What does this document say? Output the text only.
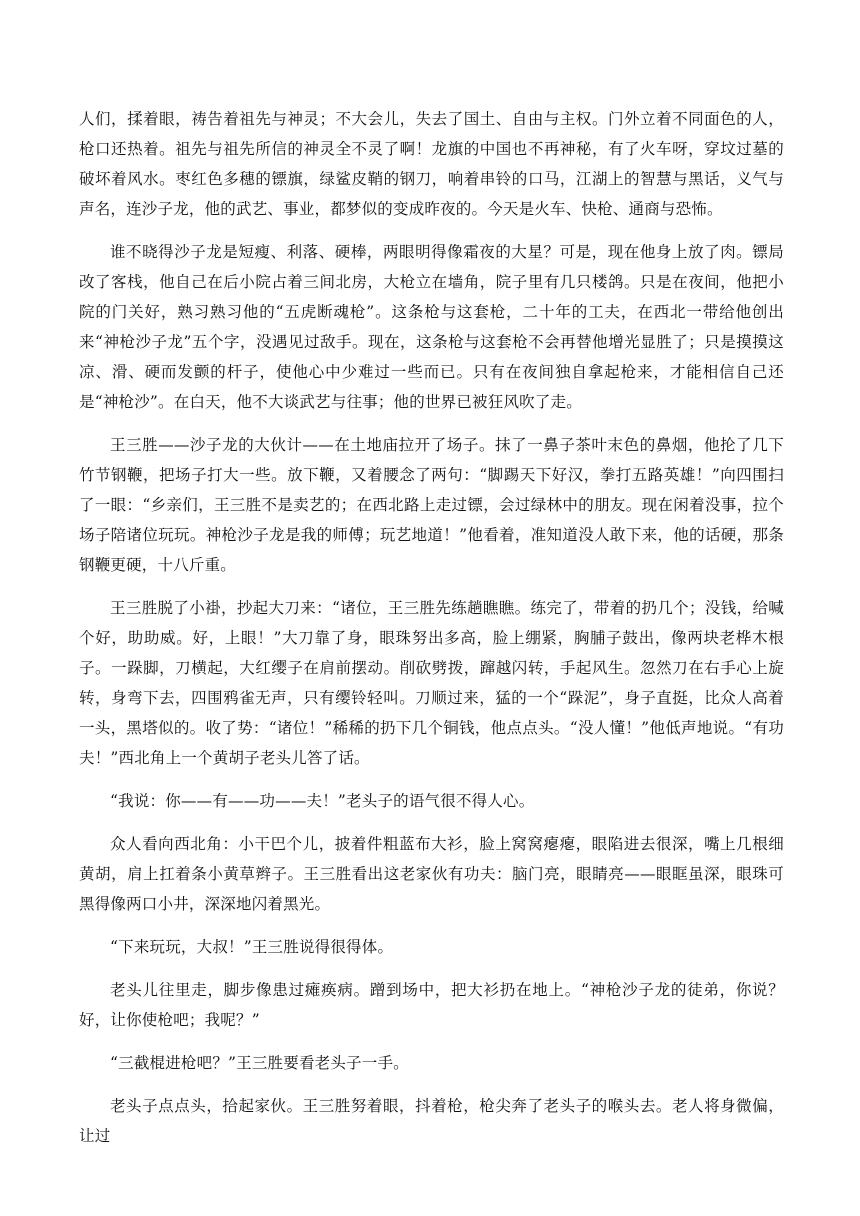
人们，揉着眼，祷告着祖先与神灵；不大会儿，失去了国土、自由与主权。门外立着不同面色的人，枪口还热着。祖先与祖先所信的神灵全不灵了啊！龙旗的中国也不再神秘，有了火车呀，穿坟过墓的破坏着风水。枣红色多穗的镖旗，绿鲨皮鞘的钢刀，响着串铃的口马，江湖上的智慧与黑话，义气与声名，连沙子龙，他的武艺、事业，都梦似的变成昨夜的。今天是火车、快枪、通商与恐怖。

谁不晓得沙子龙是短瘦、利落、硬棒，两眼明得像霜夜的大星？可是，现在他身上放了肉。镖局改了客栈，他自己在后小院占着三间北房，大枪立在墙角，院子里有几只楼鸽。只是在夜间，他把小院的门关好，熟习熟习他的“五虎断魂枪”。这条枪与这套枪，二十年的工夫，在西北一带给他创出来“神枪沙子龙”五个字，没遇见过敌手。现在，这条枪与这套枪不会再替他增光显胜了；只是摸摸这凉、滑、硬而发颤的杆子，使他心中少难过一些而已。只有在夜间独自拿起枪来，才能相信自己还是“神枪沙”。在白天，他不大谈武艺与往事；他的世界已被狂风吹了走。

王三胜——沙子龙的大伙计——在土地庙拉开了场子。抹了一鼻子茶叶末色的鼻烟，他抡了几下竹节钢鞭，把场子打大一些。放下鞭，又着腰念了两句：“脚踢天下好汉，拳打五路英雄！”向四围扫了一眼：“乡亲们，王三胜不是卖艺的；在西北路上走过镖，会过绿林中的朋友。现在闲着没事，拉个场子陪诸位玩玩。神枪沙子龙是我的师傅；玩艺地道！”他看着，准知道没人敢下来，他的话硬，那条钢鞭更硬，十八斤重。

王三胜脱了小褂，抄起大刀来：“诸位，王三胜先练趟瞧瞧。练完了，带着的扔几个；没钱，给喊个好，助助威。好，上眼！”大刀靠了身，眼珠努出多高，脸上绷紧，胸脯子鼓出，像两块老桦木根子。一跺脚，刀横起，大红缨子在肩前摆动。削砍劈拨，蹿越闪转，手起风生。忽然刀在右手心上旋转，身弯下去，四围鸦雀无声，只有缨铃轻叫。刀顺过来，猛的一个“跺泥”，身子直挺，比众人高着一头，黑塔似的。收了势：“诸位！”稀稀的扔下几个铜钱，他点点头。“没人懂！”他低声地说。“有功夫！”西北角上一个黄胡子老头儿答了话。

“我说：你——有——功——夫！”老头子的语气很不得人心。

众人看向西北角：小干巴个儿，披着件粗蓝布大衫，脸上窝窝瘪瘪，眼陷进去很深，嘴上几根细黄胡，肩上扛着条小黄草辫子。王三胜看出这老家伙有功夫：脑门亮，眼睛亮——眼眶虽深，眼珠可黑得像两口小井，深深地闪着黑光。

“下来玩玩，大叔！”王三胜说得很得体。

老头儿往里走，脚步像患过瘫痪病。蹭到场中，把大衫扔在地上。“神枪沙子龙的徒弟，你说？好，让你使枪吧；我呢？”

“三截棍进枪吧？”王三胜要看老头子一手。

老头子点点头，拾起家伙。王三胜努着眼，抖着枪，枪尖奔了老头子的喉头去。老人将身微偏，让过
